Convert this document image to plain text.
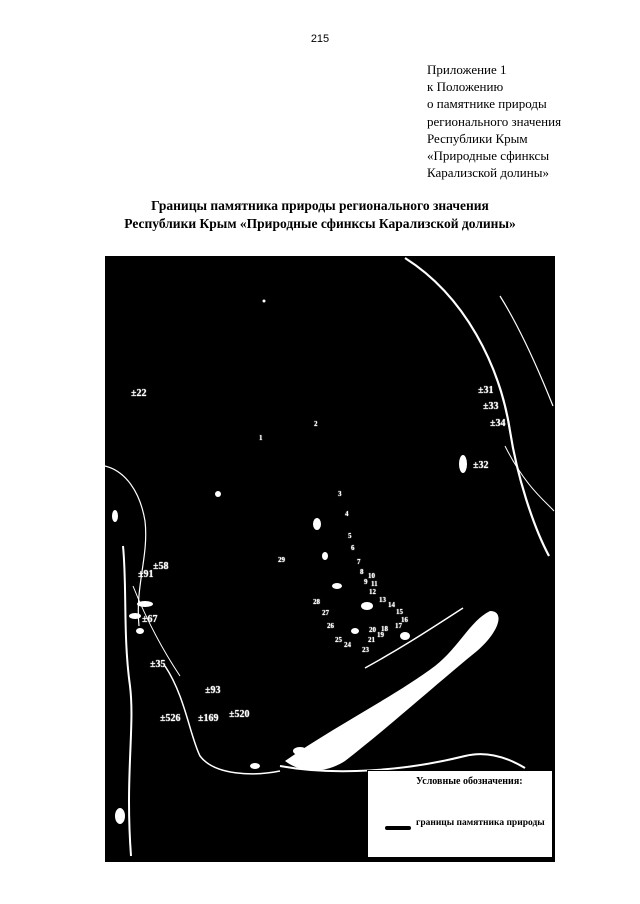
215
Приложение 1
к Положению
о памятнике природы
регионального значения
Республики Крым
«Природные сфинксы
Карализской долины»
Границы памятника природы регионального значения
Республики Крым «Природные сфинксы Карализской долины»
±22
1
2
±31
±33
±34
±32
3
4
5
6
7
8
9
10
11
12
13
14
15
16
17
18
19
20
21
23
24
25
26
27
28
29
±91
±58
±67
±35
±93
±526 ±169 ±520
Условные обозначения:
границы памятника природы
